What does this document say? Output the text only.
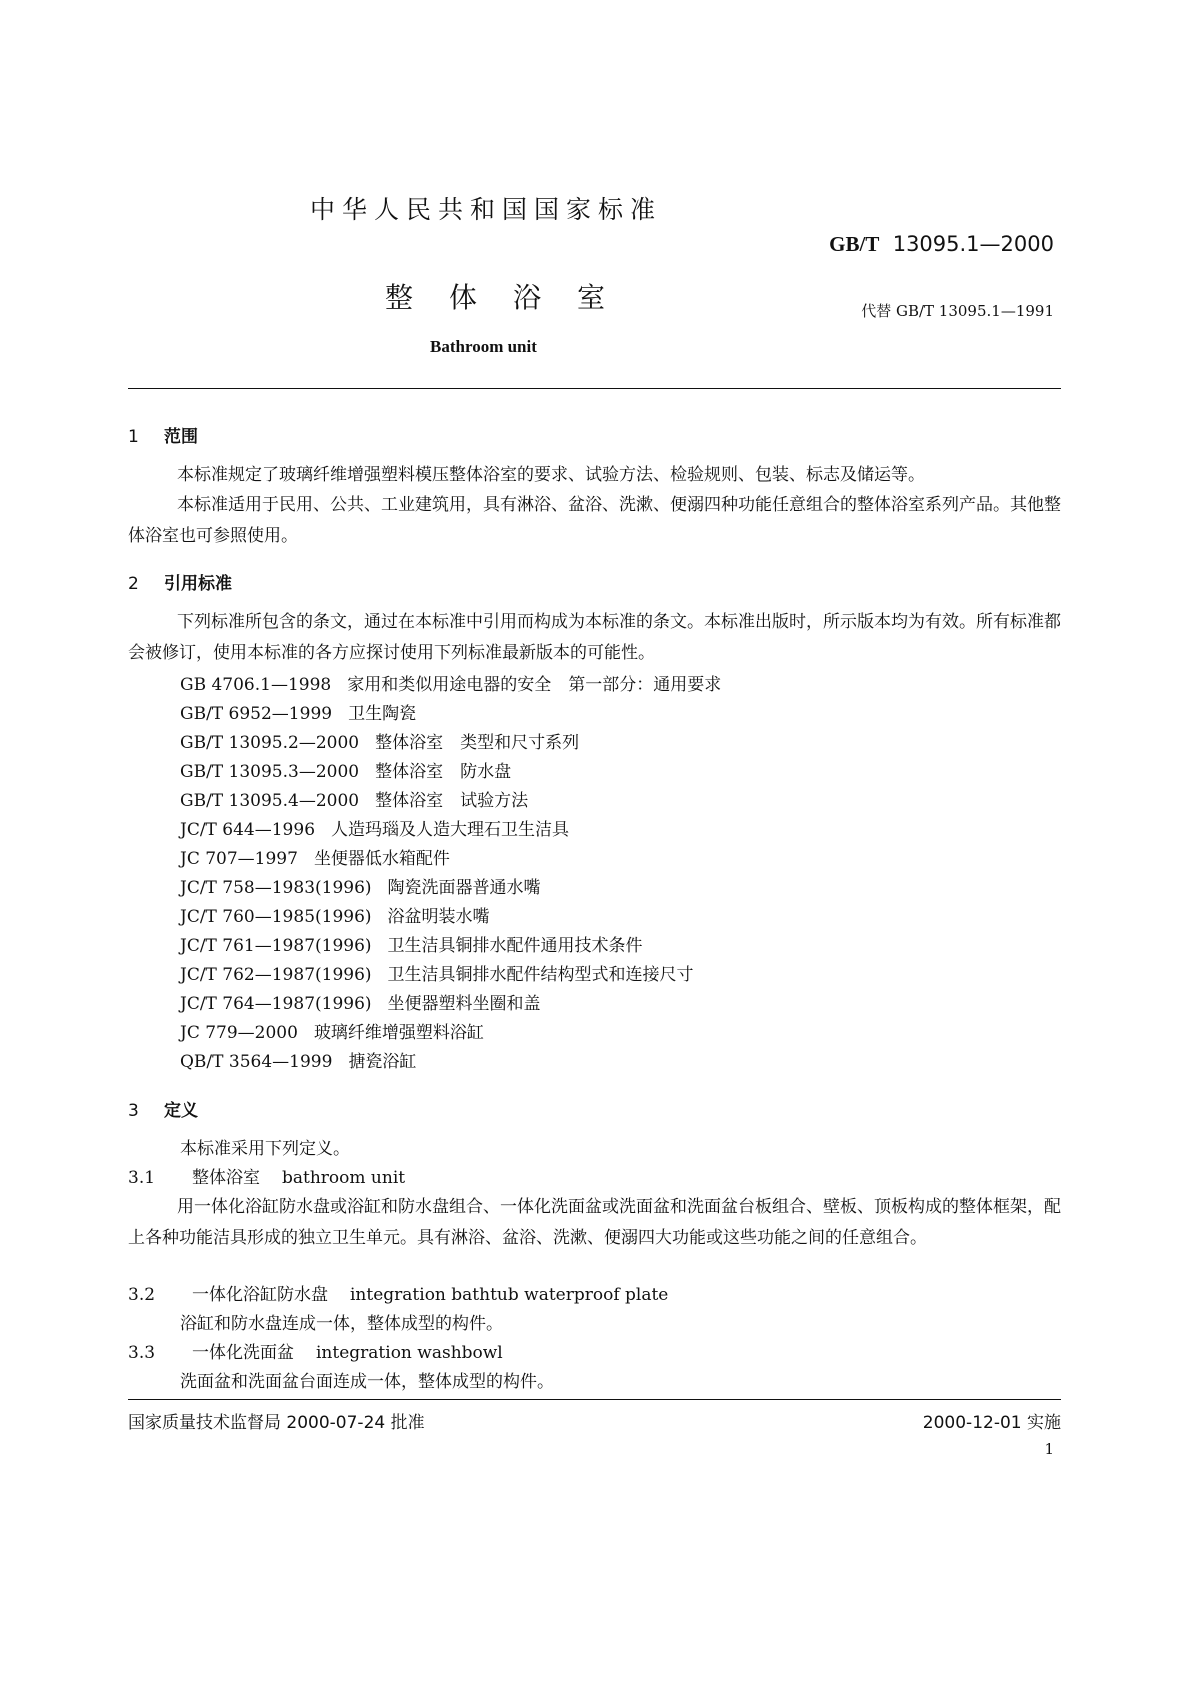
中华人民共和国国家标准
GB/T 13095.1—2000
整体浴室	代替 GB/T 13095.1—1991
Bathroom unit
1 范围
本标准规定了玻璃纤维增强塑料模压整体浴室的要求、试验方法、检验规则、包装、标志及储运等。
本标准适用于民用、公共、工业建筑用，具有淋浴、盆浴、洗漱、便溺四种功能任意组合的整体浴室系列产品。其他整体浴室也可参照使用。
2 引用标准
下列标准所包含的条文，通过在本标准中引用而构成为本标准的条文。本标准出版时，所示版本均为有效。所有标准都会被修订，使用本标准的各方应探讨使用下列标准最新版本的可能性。
GB 4706.1—1998 家用和类似用途电器的安全　第一部分：通用要求
GB/T 6952—1999 卫生陶瓷
GB/T 13095.2—2000 整体浴室　类型和尺寸系列
GB/T 13095.3—2000 整体浴室　防水盘
GB/T 13095.4—2000 整体浴室　试验方法
JC/T 644—1996 人造玛瑙及人造大理石卫生洁具
JC 707—1997 坐便器低水箱配件
JC/T 758—1983(1996) 陶瓷洗面器普通水嘴
JC/T 760—1985(1996) 浴盆明装水嘴
JC/T 761—1987(1996) 卫生洁具铜排水配件通用技术条件
JC/T 762—1987(1996) 卫生洁具铜排水配件结构型式和连接尺寸
JC/T 764—1987(1996) 坐便器塑料坐圈和盖
JC 779—2000 玻璃纤维增强塑料浴缸
QB/T 3564—1999 搪瓷浴缸
3 定义
本标准采用下列定义。
3.1 整体浴室 bathroom unit
用一体化浴缸防水盘或浴缸和防水盘组合、一体化洗面盆或洗面盆和洗面盆台板组合、壁板、顶板构成的整体框架，配上各种功能洁具形成的独立卫生单元。具有淋浴、盆浴、洗漱、便溺四大功能或这些功能之间的任意组合。
3.2 一体化浴缸防水盘 integration bathtub waterproof plate
浴缸和防水盘连成一体，整体成型的构件。
3.3 一体化洗面盆 integration washbowl
洗面盆和洗面盆台面连成一体，整体成型的构件。
国家质量技术监督局 2000-07-24 批准	2000-12-01 实施
1
